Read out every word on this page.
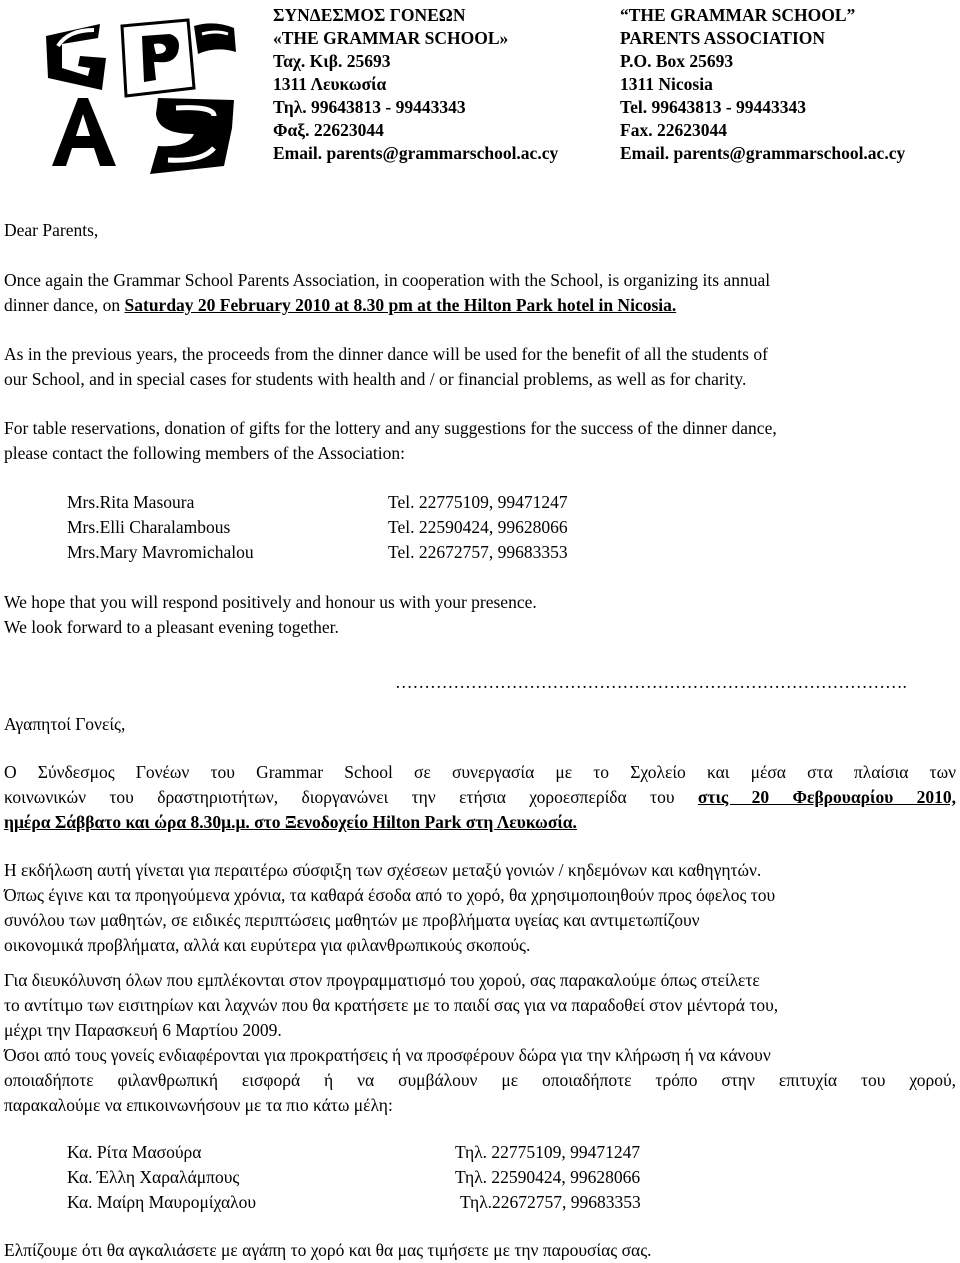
ΣΥΝΔΕΣΜΟΣ ΓΟΝΕΩΝ
«THE GRAMMAR SCHOOL»
Ταχ. Κιβ. 25693
1311 Λευκωσία
Τηλ. 99643813 - 99443343
Φαξ. 22623044
Email. parents@grammarschool.ac.cy
“THE GRAMMAR SCHOOL”
PARENTS ASSOCIATION
P.O. Box 25693
1311 Nicosia
Tel. 99643813 - 99443343
Fax. 22623044
Email. parents@grammarschool.ac.cy
Dear Parents,
Once again the Grammar School Parents Association, in cooperation with the School, is organizing its annual
dinner dance, on Saturday 20 February 2010 at 8.30 pm at the Hilton Park hotel in Nicosia.
As in the previous years, the proceeds from the dinner dance will be used for the benefit of all the students of
our School, and in special cases for students with health and / or financial problems, as well as for charity.
For table reservations, donation of gifts for the lottery and any suggestions for the success of the dinner dance,
please contact the following members of the Association:
Mrs.Rita Masoura	Tel. 22775109, 99471247
Mrs.Elli Charalambous	Tel. 22590424, 99628066
Mrs.Mary Mavromichalou	Tel. 22672757, 99683353
We hope that you will respond positively and honour us with your presence.
We look forward to a pleasant evening together.
…………………………………………………………………………….
Αγαπητοί Γονείς,
Ο Σύνδεσμος Γονέων του Grammar School σε συνεργασία με το Σχολείο και μέσα στα πλαίσια των
κοινωνικών του δραστηριοτήτων, διοργανώνει την ετήσια χοροεσπερίδα του στις 20 Φεβρουαρίου 2010,
ημέρα Σάββατο και ώρα 8.30μ.μ. στο Ξενοδοχείο Hilton Park στη Λευκωσία.
Η εκδήλωση αυτή γίνεται για περαιτέρω σύσφιξη των σχέσεων μεταξύ γονιών / κηδεμόνων και καθηγητών.
Όπως έγινε και τα προηγούμενα χρόνια, τα καθαρά έσοδα από το χορό, θα χρησιμοποιηθούν προς όφελος του
συνόλου των μαθητών, σε ειδικές περιπτώσεις μαθητών με προβλήματα υγείας και αντιμετωπίζουν
οικονομικά προβλήματα, αλλά και ευρύτερα για φιλανθρωπικούς σκοπούς.
Για διευκόλυνση όλων που εμπλέκονται στον προγραμματισμό του χορού, σας παρακαλούμε όπως στείλετε
το αντίτιμο των εισιτηρίων και λαχνών που θα κρατήσετε με το παιδί σας για να παραδοθεί στον μέντορά του,
μέχρι την Παρασκευή 6 Μαρτίου 2009.
Όσοι από τους γονείς ενδιαφέρονται για προκρατήσεις ή να προσφέρουν δώρα για την κλήρωση ή να κάνουν
οποιαδήποτε φιλανθρωπική εισφορά ή να συμβάλουν με οποιαδήποτε τρόπο στην επιτυχία του χορού,
παρακαλούμε να επικοινωνήσουν με τα πιο κάτω μέλη:
Κα. Ρίτα Μασούρα	Τηλ. 22775109, 99471247
Κα. Έλλη Χαραλάμπους	Τηλ. 22590424, 99628066
Κα. Μαίρη Μαυρομίχαλου	Τηλ.22672757, 99683353
Ελπίζουμε ότι θα αγκαλιάσετε με αγάπη το χορό και θα μας τιμήσετε με την παρουσίας σας.
